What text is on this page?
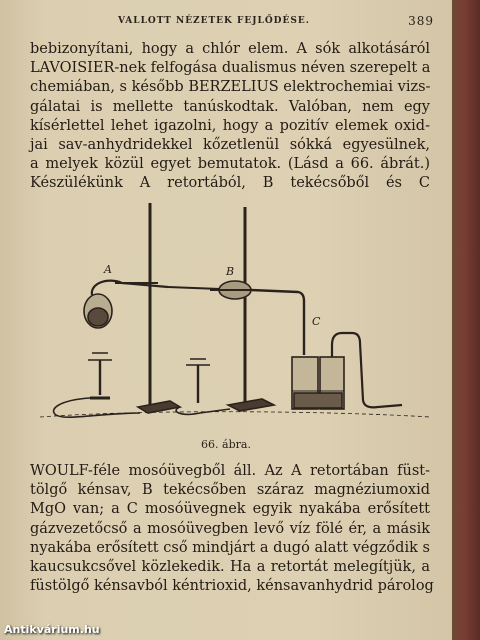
VALLOTT NÉZETEK FEJLŐDÉSE.	389
bebizonyítani, hogy a chlór elem. A sók alkotásáról
LAVOISIER-nek felfogása dualismus néven szerepelt a
chemiában, s később BERZELIUS elektrochemiai vizs-
gálatai is mellette tanúskodtak. Valóban, nem egy
kísérlettel lehet igazolni, hogy a pozitív elemek oxid-
jai sav-anhydridekkel kőzetlenül sókká egyesülnek,
a melyek közül egyet bemutatok. (Lásd a 66. ábrát.)
Készülékünk A retortából, B tekécsőből és C
A	B
C
66. ábra.
WOULF-féle mosóüvegből áll. Az A retortában füst-
tölgő kénsav, B tekécsőben száraz magnéziumoxid
MgO van; a C mosóüvegnek egyik nyakába erősített
gázvezetőcső a mosóüvegben levő víz fölé ér, a másik
nyakába erősített cső mindjárt a dugó alatt végződik s
kaucsukcsővel közlekedik. Ha a retortát melegítjük, a
füstölgő kénsavból kéntrioxid, kénsavanhydrid párolog
Antikvárium.hu
